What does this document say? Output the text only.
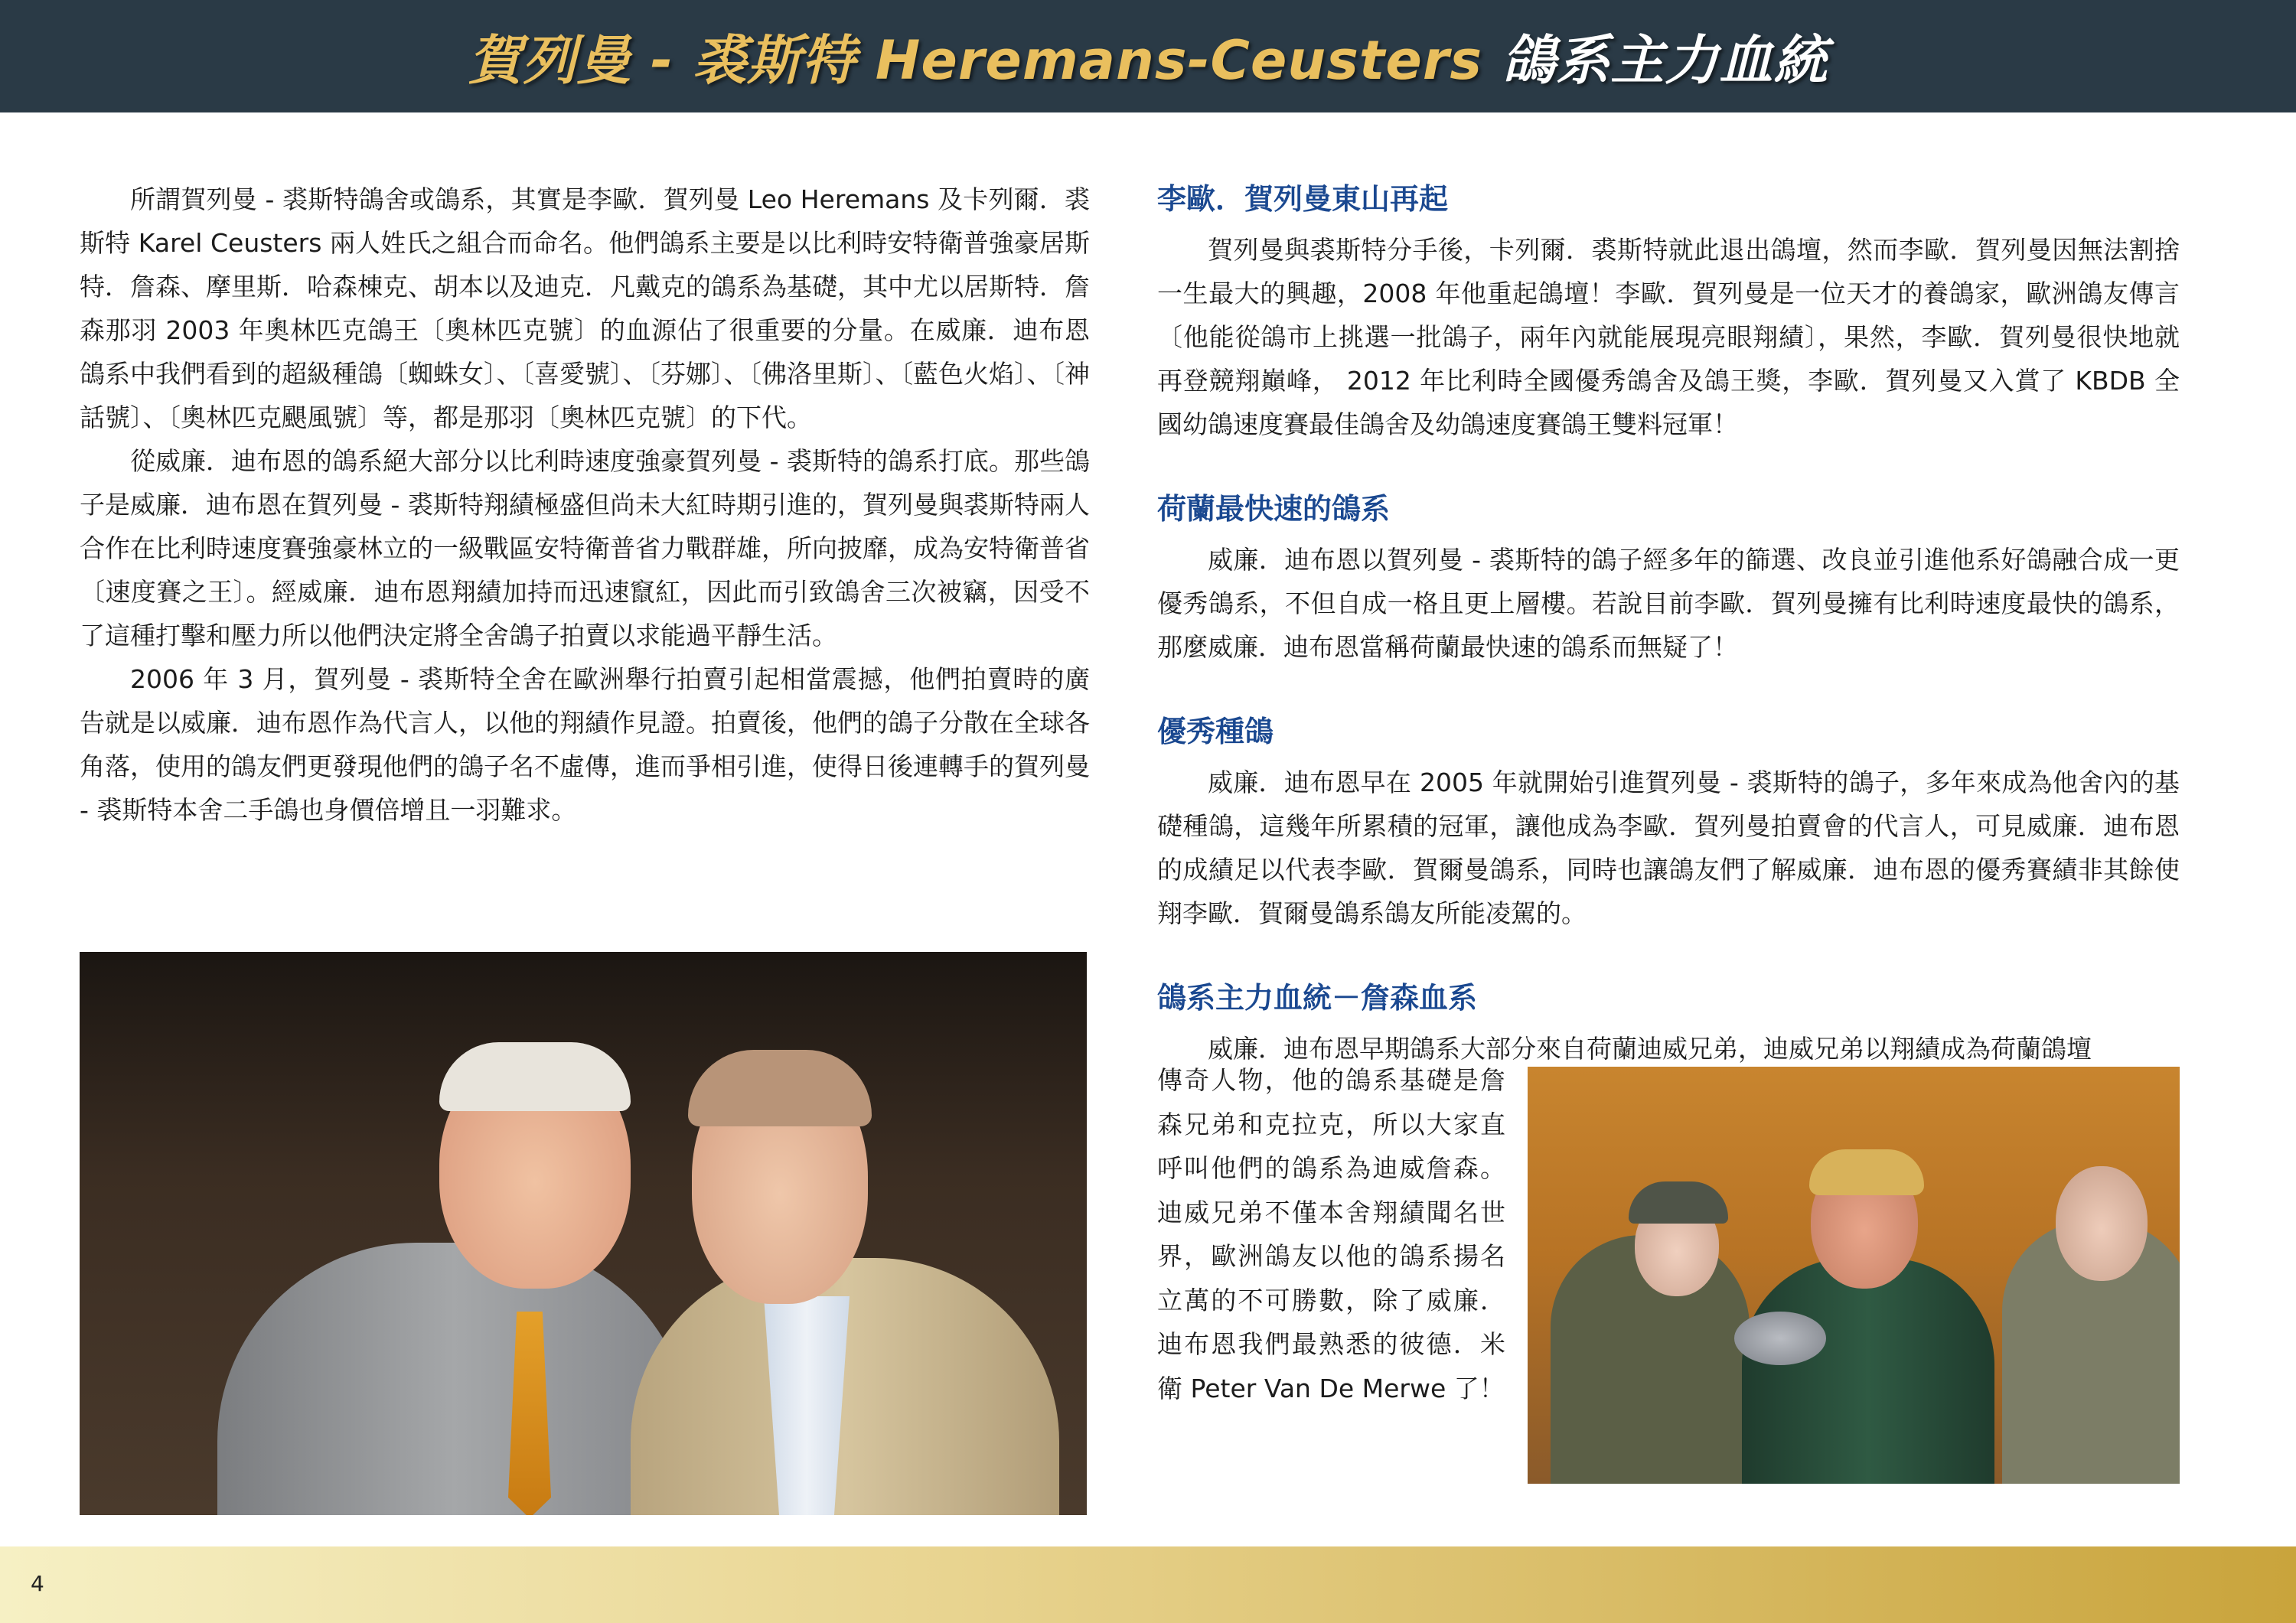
賀列曼 - 裘斯特 Heremans-Ceusters 鴿系主力血統

所謂賀列曼 - 裘斯特鴿舍或鴿系，其實是李歐．賀列曼 Leo Heremans 及卡列爾．裘斯特 Karel Ceusters 兩人姓氏之組合而命名。他們鴿系主要是以比利時安特衛普強豪居斯特．詹森、摩里斯．哈森棟克、胡本以及迪克．凡戴克的鴿系為基礎，其中尤以居斯特．詹森那羽 2003 年奧林匹克鴿王〔奧林匹克號〕的血源佔了很重要的分量。在威廉．迪布恩鴿系中我們看到的超級種鴿〔蜘蛛女〕、〔喜愛號〕、〔芬娜〕、〔佛洛里斯〕、〔藍色火焰〕、〔神話號〕、〔奧林匹克颶風號〕等，都是那羽〔奧林匹克號〕的下代。

從威廉．迪布恩的鴿系絕大部分以比利時速度強豪賀列曼 - 裘斯特的鴿系打底。那些鴿子是威廉．迪布恩在賀列曼 - 裘斯特翔績極盛但尚未大紅時期引進的，賀列曼與裘斯特兩人合作在比利時速度賽強豪林立的一級戰區安特衛普省力戰群雄，所向披靡，成為安特衛普省〔速度賽之王〕。經威廉．迪布恩翔績加持而迅速竄紅，因此而引致鴿舍三次被竊，因受不了這種打擊和壓力所以他們決定將全舍鴿子拍賣以求能過平靜生活。

2006 年 3 月，賀列曼 - 裘斯特全舍在歐洲舉行拍賣引起相當震撼，他們拍賣時的廣告就是以威廉．迪布恩作為代言人，以他的翔績作見證。拍賣後，他們的鴿子分散在全球各角落，使用的鴿友們更發現他們的鴿子名不虛傳，進而爭相引進，使得日後連轉手的賀列曼 - 裘斯特本舍二手鴿也身價倍增且一羽難求。

李歐．賀列曼東山再起

賀列曼與裘斯特分手後，卡列爾．裘斯特就此退出鴿壇，然而李歐．賀列曼因無法割捨一生最大的興趣，2008 年他重起鴿壇！李歐．賀列曼是一位天才的養鴿家，歐洲鴿友傳言〔他能從鴿市上挑選一批鴿子，兩年內就能展現亮眼翔績〕，果然，李歐．賀列曼很快地就再登競翔巔峰， 2012 年比利時全國優秀鴿舍及鴿王獎，李歐．賀列曼又入賞了 KBDB 全國幼鴿速度賽最佳鴿舍及幼鴿速度賽鴿王雙料冠軍！

荷蘭最快速的鴿系

威廉．迪布恩以賀列曼 - 裘斯特的鴿子經多年的篩選、改良並引進他系好鴿融合成一更優秀鴿系，不但自成一格且更上層樓。若說目前李歐．賀列曼擁有比利時速度最快的鴿系，那麼威廉．迪布恩當稱荷蘭最快速的鴿系而無疑了！

優秀種鴿

威廉．迪布恩早在 2005 年就開始引進賀列曼 - 裘斯特的鴿子，多年來成為他舍內的基礎種鴿，這幾年所累積的冠軍，讓他成為李歐．賀列曼拍賣會的代言人，可見威廉．迪布恩的成績足以代表李歐．賀爾曼鴿系，同時也讓鴿友們了解威廉．迪布恩的優秀賽績非其餘使翔李歐．賀爾曼鴿系鴿友所能凌駕的。

鴿系主力血統－詹森血系

威廉．迪布恩早期鴿系大部分來自荷蘭迪威兄弟，迪威兄弟以翔績成為荷蘭鴿壇

傳奇人物，他的鴿系基礎是詹森兄弟和克拉克，所以大家直呼叫他們的鴿系為迪威詹森。迪威兄弟不僅本舍翔績聞名世界，歐洲鴿友以他的鴿系揚名立萬的不可勝數，除了威廉．迪布恩我們最熟悉的彼德．米衛 Peter Van De Merwe 了！

4
